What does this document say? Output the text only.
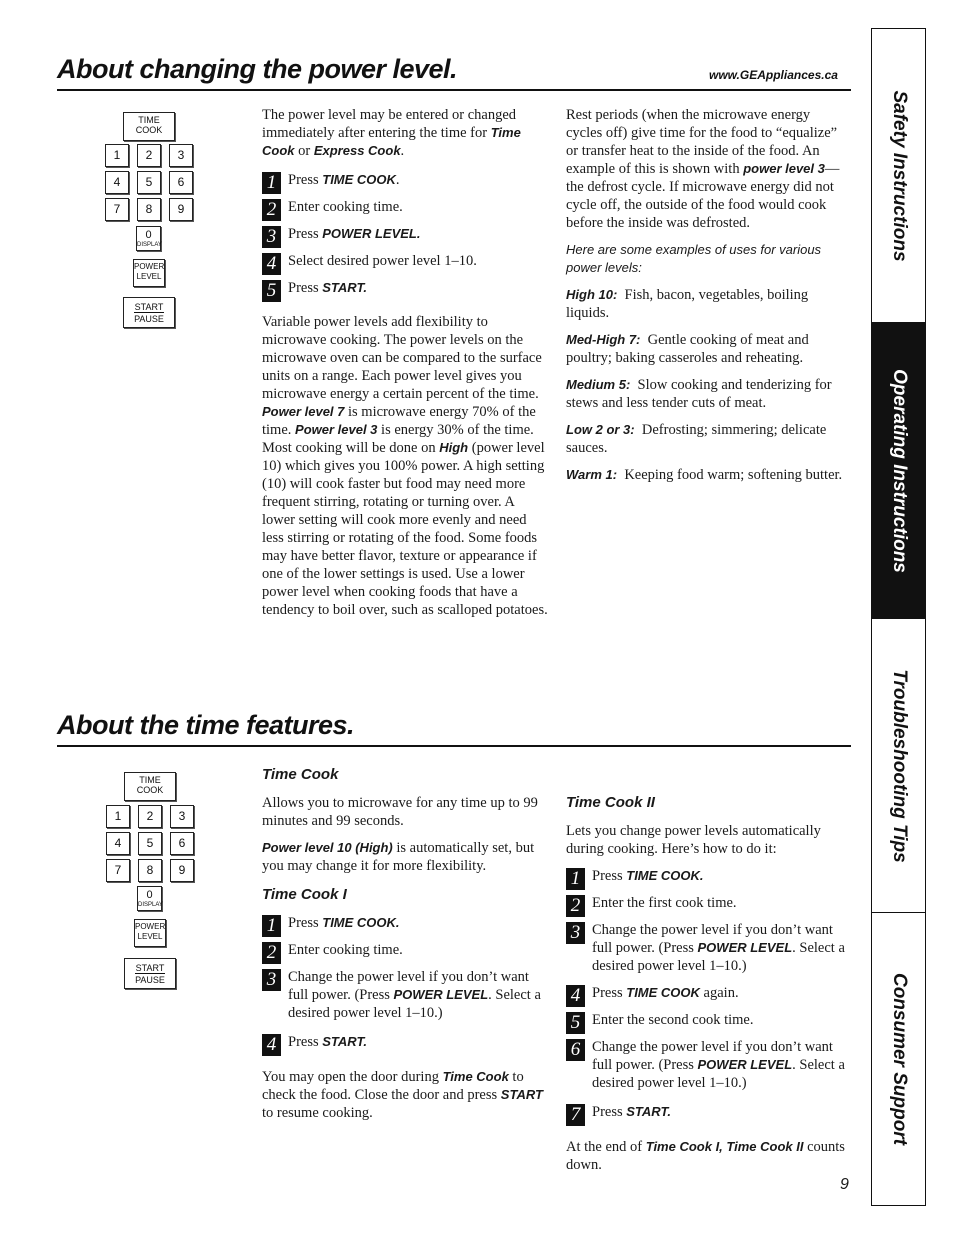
About changing the power level.	www.GEAppliances.ca
TIME
COOK
1	2	3
4	5	6
7	8	9
0
DISPLAY
POWER
LEVEL
START
PAUSE

The power level may be entered or changed immediately after entering the time for Time Cook or Express Cook.

1 Press TIME COOK.
2 Enter cooking time.
3 Press POWER LEVEL.
4 Select desired power level 1–10.
5 Press START.

Variable power levels add flexibility to microwave cooking. The power levels on the microwave oven can be compared to the surface units on a range. Each power level gives you microwave energy a certain percent of the time. Power level 7 is microwave energy 70% of the time. Power level 3 is energy 30% of the time. Most cooking will be done on High (power level 10) which gives you 100% power. A high setting (10) will cook faster but food may need more frequent stirring, rotating or turning over. A lower setting will cook more evenly and need less stirring or rotating of the food. Some foods may have better flavor, texture or appearance if one of the lower settings is used. Use a lower power level when cooking foods that have a tendency to boil over, such as scalloped potatoes.

Rest periods (when the microwave energy cycles off) give time for the food to “equalize” or transfer heat to the inside of the food. An example of this is shown with power level 3—the defrost cycle. If microwave energy did not cycle off, the outside of the food would cook before the inside was defrosted.

Here are some examples of uses for various power levels:

High 10: Fish, bacon, vegetables, boiling liquids.

Med-High 7: Gentle cooking of meat and poultry; baking casseroles and reheating.

Medium 5: Slow cooking and tenderizing for stews and less tender cuts of meat.

Low 2 or 3: Defrosting; simmering; delicate sauces.

Warm 1: Keeping food warm; softening butter.

About the time features.
TIME
COOK
1	2	3
4	5	6
7	8	9
0
DISPLAY
POWER
LEVEL
START
PAUSE
Time Cook

Allows you to microwave for any time up to 99 minutes and 99 seconds.

Power level 10 (High) is automatically set, but you may change it for more flexibility.

Time Cook I
1 Press TIME COOK.
2 Enter cooking time.
3 Change the power level if you don’t want full power. (Press POWER LEVEL. Select a desired power level 1–10.)
4 Press START.

You may open the door during Time Cook to check the food. Close the door and press START to resume cooking.

Time Cook II

Lets you change power levels automatically during cooking. Here’s how to do it:

1 Press TIME COOK.
2 Enter the first cook time.
3 Change the power level if you don’t want full power. (Press POWER LEVEL. Select a desired power level 1–10.)
4 Press TIME COOK again.
5 Enter the second cook time.
6 Change the power level if you don’t want full power. (Press POWER LEVEL. Select a desired power level 1–10.)
7 Press START.

At the end of Time Cook I, Time Cook II counts down.

Safety Instructions
Operating Instructions
Troubleshooting Tips
Consumer Support
9
